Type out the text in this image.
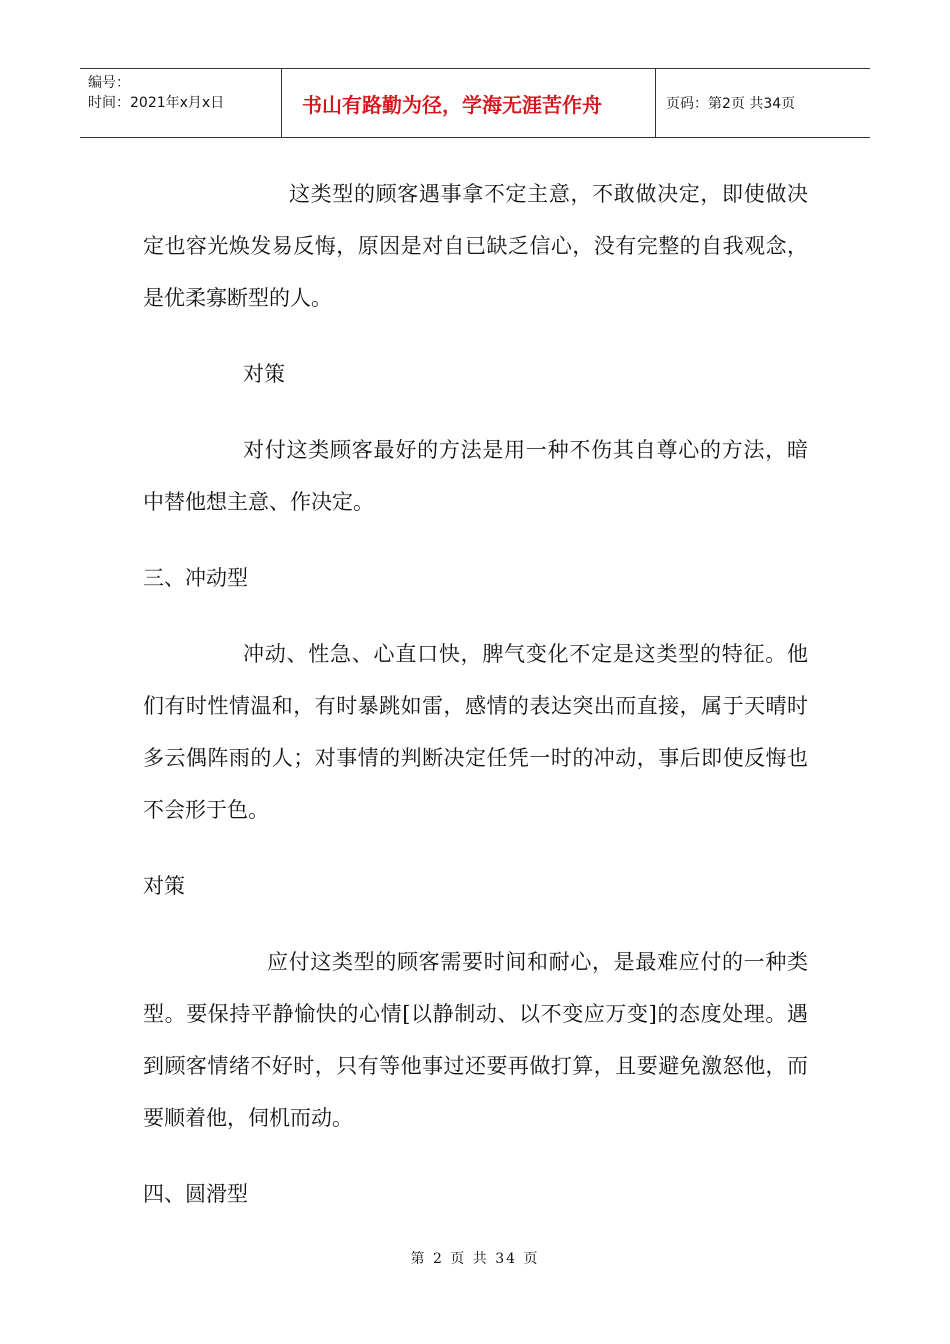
编号：
时间：2021年x月x日	书山有路勤为径，学海无涯苦作舟	页码：第2页 共34页

这类型的顾客遇事拿不定主意，不敢做决定，即使做决定也容光焕发易反悔，原因是对自已缺乏信心，没有完整的自我观念，是优柔寡断型的人。

对策

对付这类顾客最好的方法是用一种不伤其自尊心的方法，暗中替他想主意、作决定。

三、冲动型

冲动、性急、心直口快，脾气变化不定是这类型的特征。他们有时性情温和，有时暴跳如雷，感情的表达突出而直接，属于天晴时多云偶阵雨的人；对事情的判断决定任凭一时的冲动，事后即使反悔也不会形于色。

对策

应付这类型的顾客需要时间和耐心，是最难应付的一种类型。要保持平静愉快的心情[以静制动、以不变应万变]的态度处理。遇到顾客情绪不好时，只有等他事过还要再做打算，且要避免激怒他，而要顺着他，伺机而动。

四、圆滑型

第 2 页 共 34 页
